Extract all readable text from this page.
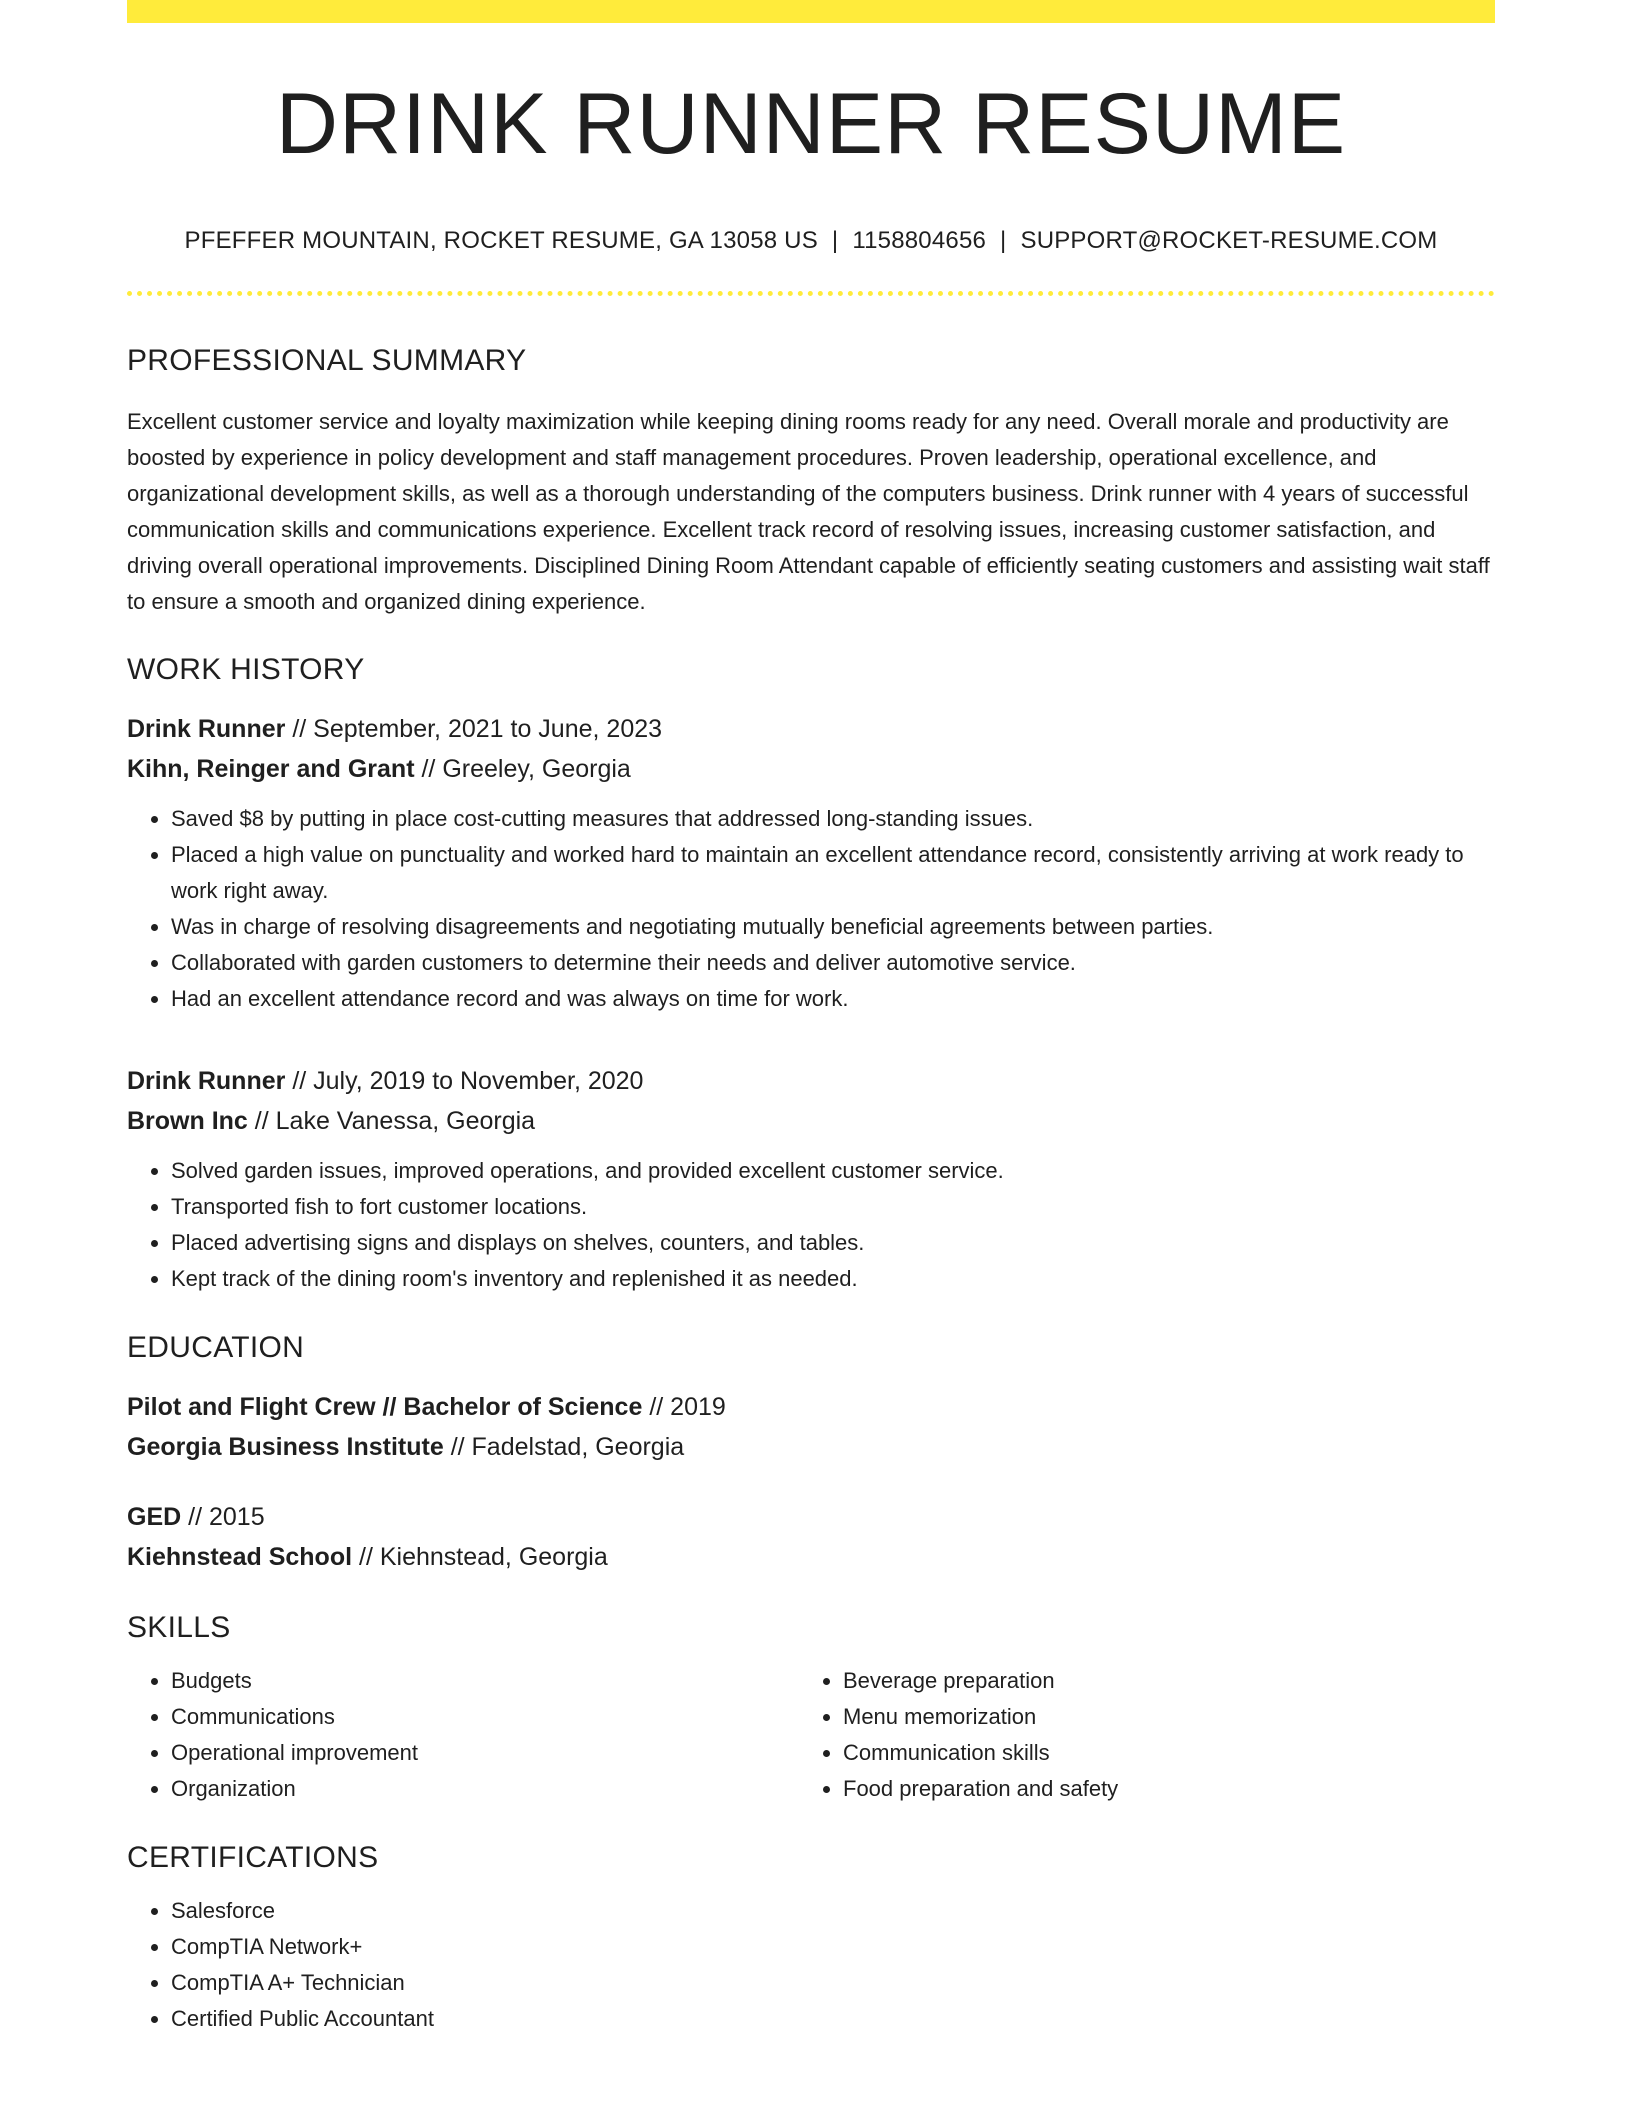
DRINK RUNNER RESUME
PFEFFER MOUNTAIN, ROCKET RESUME, GA 13058 US | 1158804656 | SUPPORT@ROCKET-RESUME.COM
PROFESSIONAL SUMMARY

Excellent customer service and loyalty maximization while keeping dining rooms ready for any need. Overall morale and productivity are boosted by experience in policy development and staff management procedures. Proven leadership, operational excellence, and organizational development skills, as well as a thorough understanding of the computers business. Drink runner with 4 years of successful communication skills and communications experience. Excellent track record of resolving issues, increasing customer satisfaction, and driving overall operational improvements. Disciplined Dining Room Attendant capable of efficiently seating customers and assisting wait staff to ensure a smooth and organized dining experience.

WORK HISTORY
Drink Runner // September, 2021 to June, 2023
Kihn, Reinger and Grant // Greeley, Georgia
• Saved $8 by putting in place cost-cutting measures that addressed long-standing issues.
• Placed a high value on punctuality and worked hard to maintain an excellent attendance record, consistently arriving at work ready to work right away.
• Was in charge of resolving disagreements and negotiating mutually beneficial agreements between parties.
• Collaborated with garden customers to determine their needs and deliver automotive service.
• Had an excellent attendance record and was always on time for work.
Drink Runner // July, 2019 to November, 2020
Brown Inc // Lake Vanessa, Georgia
• Solved garden issues, improved operations, and provided excellent customer service.
• Transported fish to fort customer locations.
• Placed advertising signs and displays on shelves, counters, and tables.
• Kept track of the dining room's inventory and replenished it as needed.
EDUCATION
Pilot and Flight Crew // Bachelor of Science // 2019
Georgia Business Institute // Fadelstad, Georgia
GED // 2015
Kiehnstead School // Kiehnstead, Georgia
SKILLS
• Budgets
• Communications
• Operational improvement
• Organization
• Beverage preparation
• Menu memorization
• Communication skills
• Food preparation and safety
CERTIFICATIONS
• Salesforce
• CompTIA Network+
• CompTIA A+ Technician
• Certified Public Accountant
